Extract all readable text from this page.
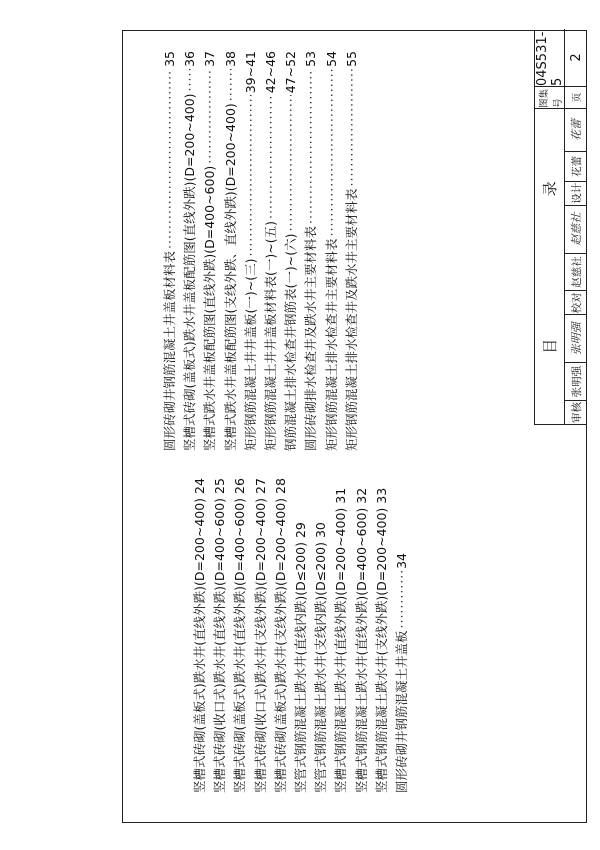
竖槽式砖砌(盖板式)跌水井(直线外跌)(D=200~400)
24
竖槽式砖砌(收口式)跌水井(直线外跌)(D=400~600)
25
竖槽式砖砌(盖板式)跌水井(直线外跌)(D=400~600)
26
竖槽式砖砌(收口式)跌水井(支线外跌)(D=200~400)
27
竖槽式砖砌(盖板式)跌水井(支线外跌)(D=200~400)
28
竖管式钢筋混凝土跌水井(直线内跌)(D≤200)
29
竖管式钢筋混凝土跌水井(支线内跌)(D≤200)
30 竖槽式钢筋混凝土跌水井(直线外跌)(D=200~400)
31
竖槽式钢筋混凝土跌水井(直线外跌)(D=400~600)
32
竖槽式钢筋混凝土跌水井(支线外跌)(D=200~400)
33
圆形砖砌井钢筋混凝土井盖板
·····
34
圆形砖砌井钢筋混凝土井盖板材料表
·····
35
竖槽式砖砌(盖板式)跌水井盖板配筋图(直线外跌)(D=200~400)
·····
36
竖槽式跌水井盖板配筋图(直线外跌)(D=400~600)
·····
37
竖槽式跌水井盖板配筋图(支线外跌、直线外跌)(D=200~400)
·····
38
矩形钢筋混凝土井井盖板(一)~(三)
·····
39~41
矩形钢筋混凝土井井盖板材料表(一)~(五)
·····
42~46
钢筋混凝土排水检查井钢筋表(一)~(六)
·····
47~52
圆形砖砌排水检查井及跌水井主要材料表
·····
53
矩形钢筋混凝土排水检查井主要材料表
·····
54
矩形钢筋混凝土排水检查井及跌水井主要材料表
·····
55
目
录
审核
张明强
张明强
校对
赵慈社
赵慈社
设计
花蕾
花蕾
图集号
04S531-5
页
2
